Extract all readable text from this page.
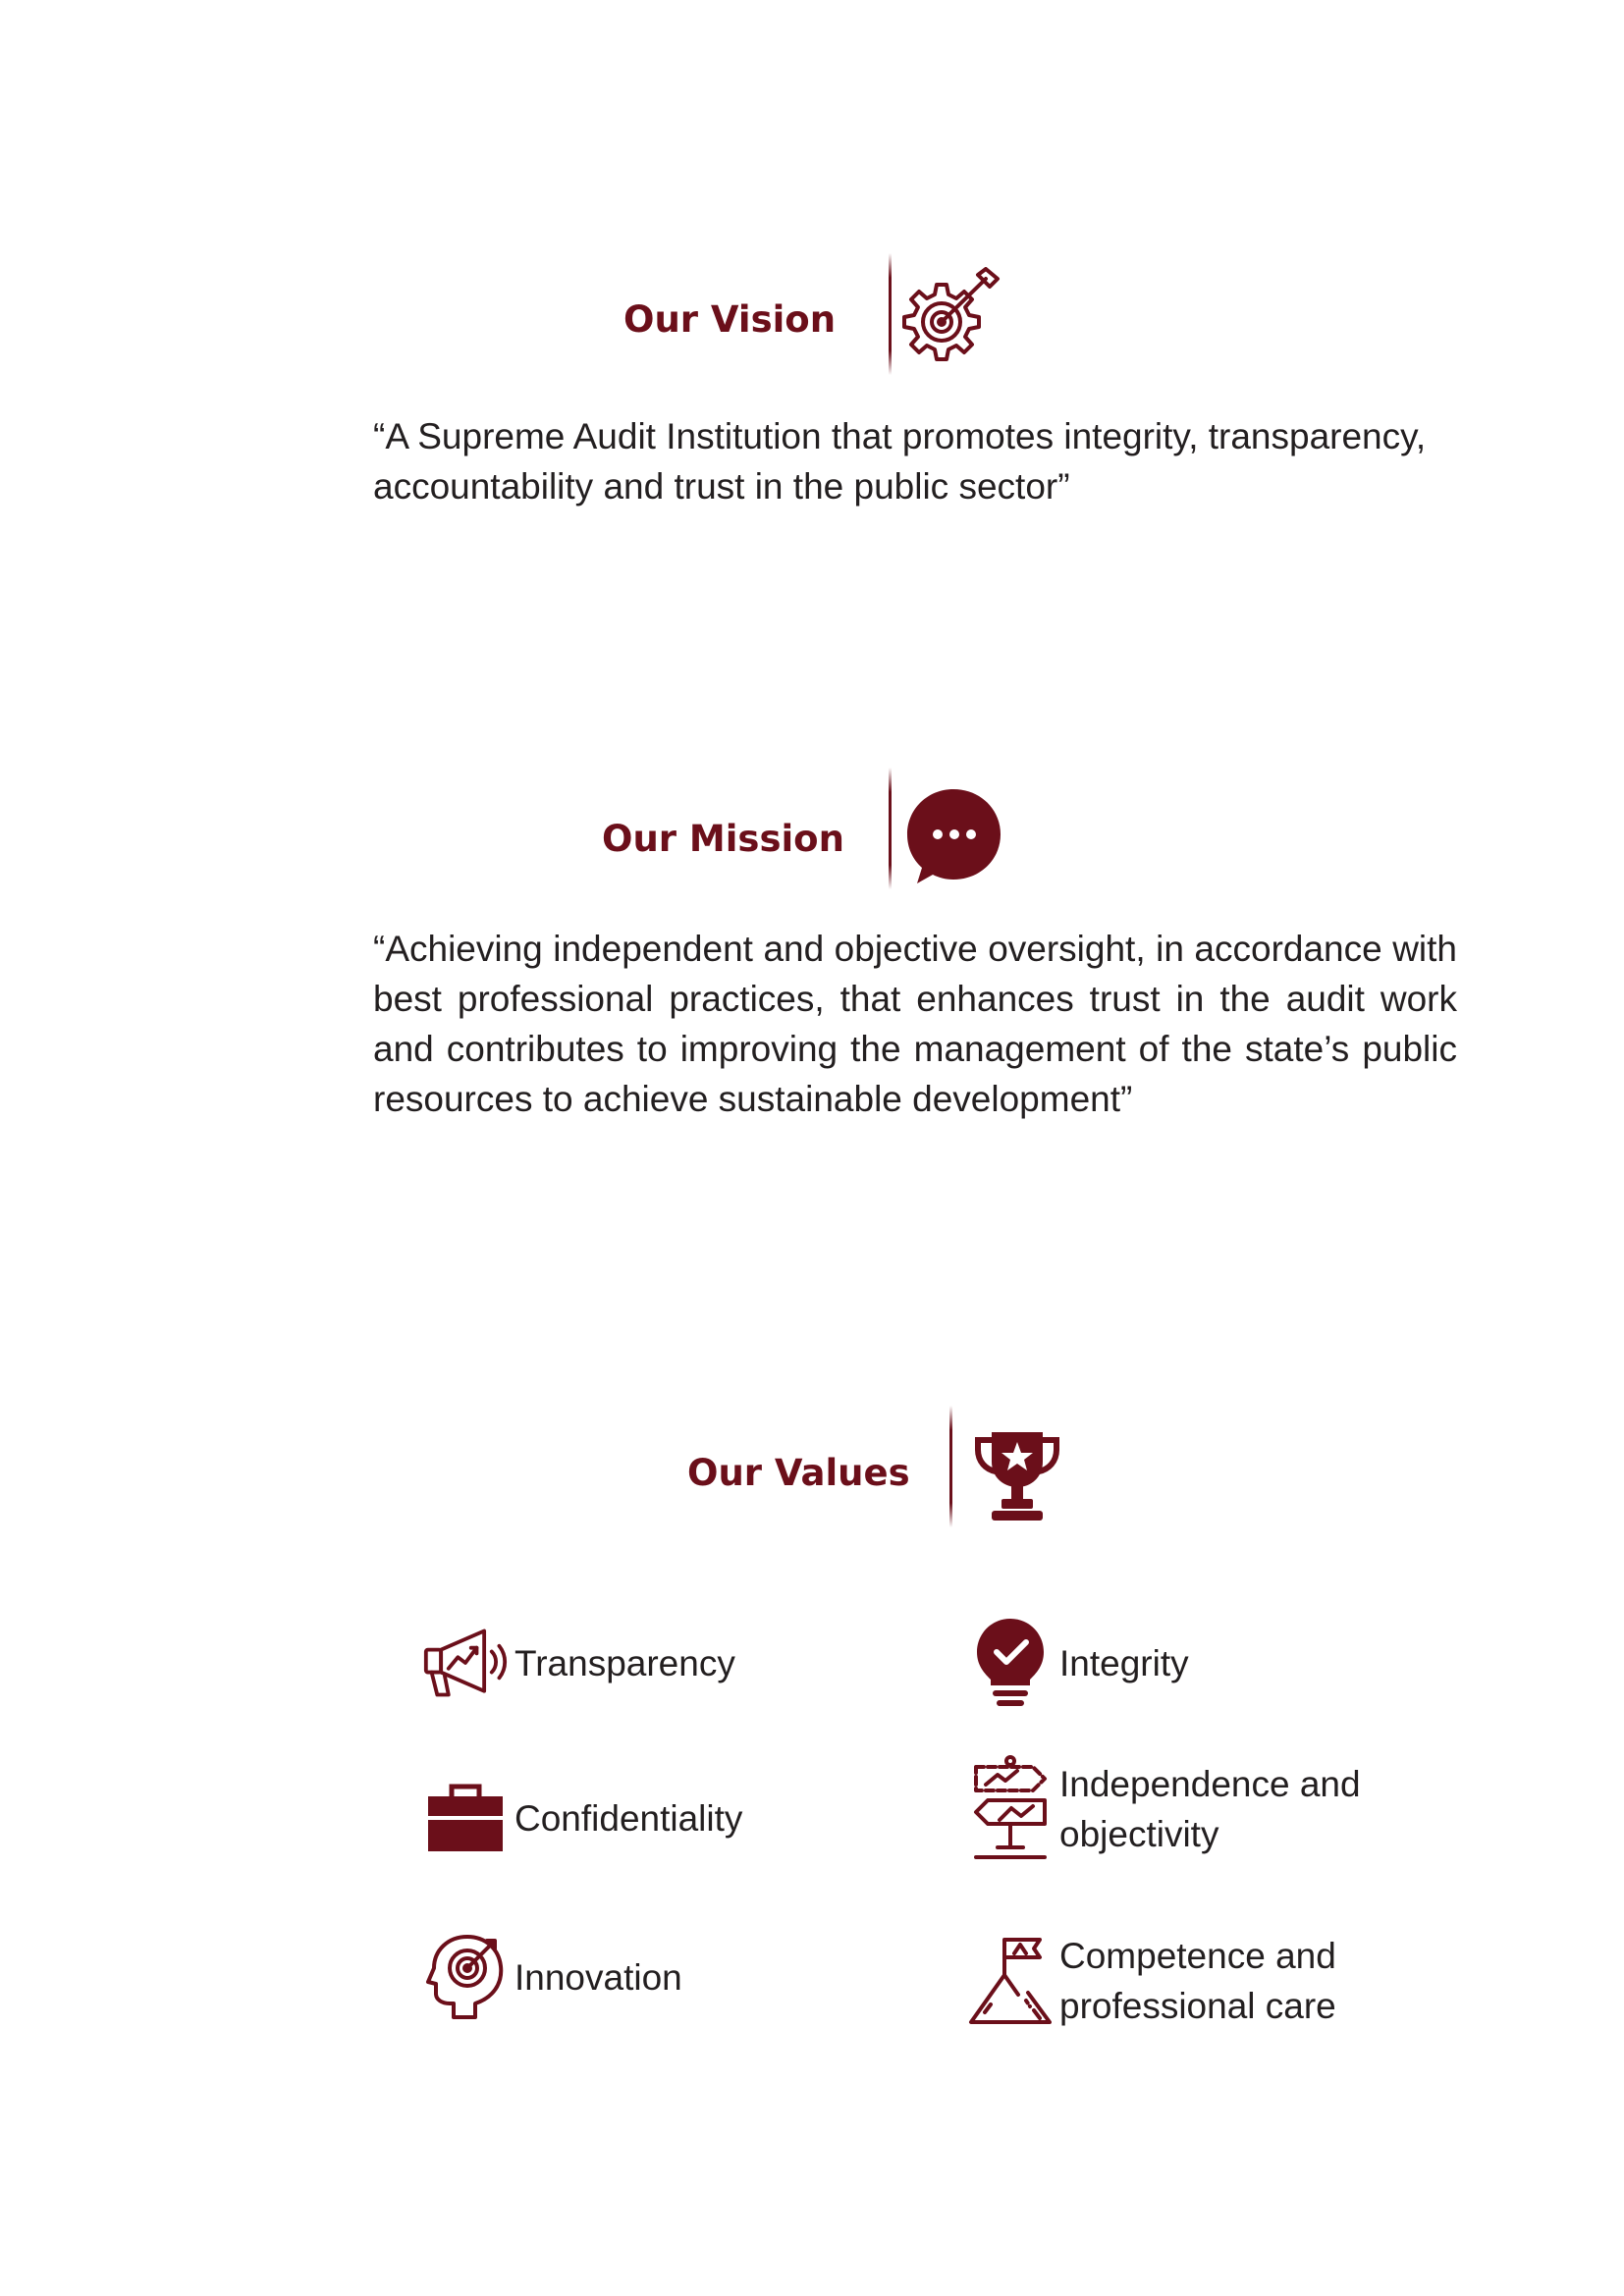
Our Vision

“A Supreme Audit Institution that promotes integrity, transparency, accountability and trust in the public sector”

Our Mission

“Achieving independent and objective oversight, in accordance with best professional practices, that enhances trust in the audit work and contributes to improving the management of the state’s public resources to achieve sustainable development”

Our Values
Transparency	Integrity
Confidentiality
Independence and objectivity
Innovation
Competence and professional care
